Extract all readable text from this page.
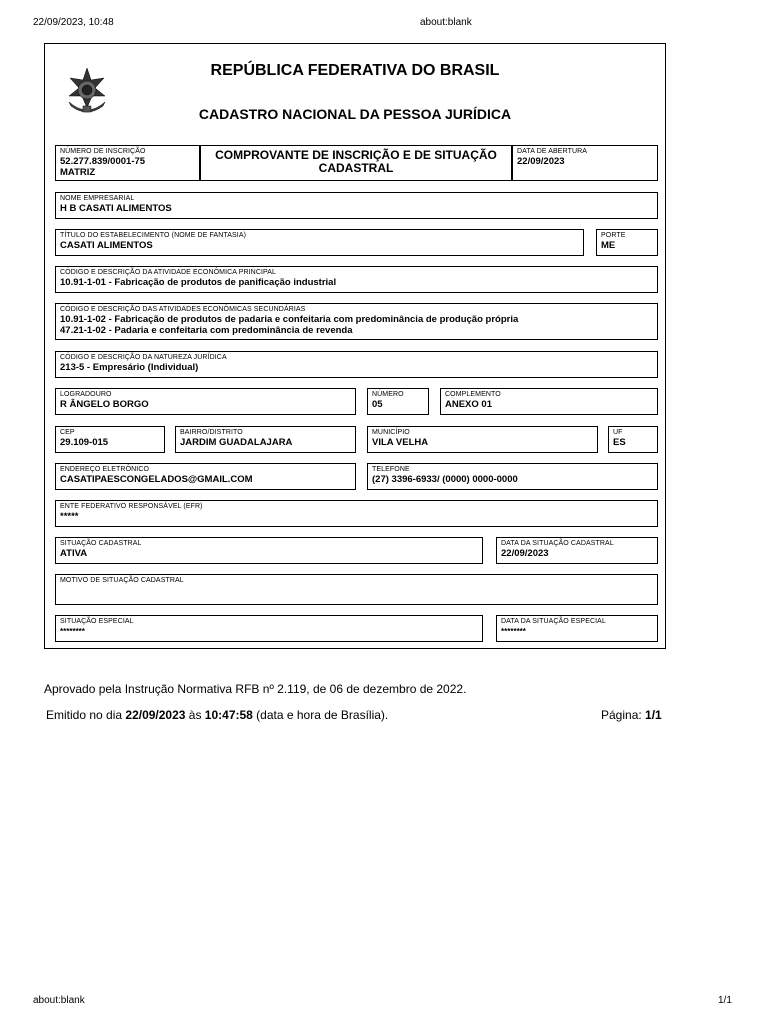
22/09/2023, 10:48	about:blank
about:blank	1/1
REPÚBLICA FEDERATIVA DO BRASIL
CADASTRO NACIONAL DA PESSOA JURÍDICA
NÚMERO DE INSCRIÇÃO
52.277.839/0001-75
MATRIZ
COMPROVANTE DE INSCRIÇÃO E DE SITUAÇÃO
CADASTRAL
DATA DE ABERTURA
22/09/2023
NOME EMPRESARIAL
H B CASATI ALIMENTOS
TÍTULO DO ESTABELECIMENTO (NOME DE FANTASIA)
CASATI ALIMENTOS
PORTE
ME
CÓDIGO E DESCRIÇÃO DA ATIVIDADE ECONÔMICA PRINCIPAL
10.91-1-01 - Fabricação de produtos de panificação industrial
CÓDIGO E DESCRIÇÃO DAS ATIVIDADES ECONÔMICAS SECUNDÁRIAS
10.91-1-02 - Fabricação de produtos de padaria e confeitaria com predominância de produção própria
47.21-1-02 - Padaria e confeitaria com predominância de revenda
CÓDIGO E DESCRIÇÃO DA NATUREZA JURÍDICA
213-5 - Empresário (Individual)
LOGRADOURO
R ÂNGELO BORGO
NÚMERO
05
COMPLEMENTO
ANEXO 01
CEP
29.109-015
BAIRRO/DISTRITO
JARDIM GUADALAJARA
MUNICÍPIO
VILA VELHA
UF
ES
ENDEREÇO ELETRÔNICO
CASATIPAESCONGELADOS@GMAIL.COM
TELEFONE
(27) 3396-6933/ (0000) 0000-0000
ENTE FEDERATIVO RESPONSÁVEL (EFR)
*****
SITUAÇÃO CADASTRAL
ATIVA
DATA DA SITUAÇÃO CADASTRAL
22/09/2023
MOTIVO DE SITUAÇÃO CADASTRAL
SITUAÇÃO ESPECIAL
********
DATA DA SITUAÇÃO ESPECIAL
********
Aprovado pela Instrução Normativa RFB nº 2.119, de 06 de dezembro de 2022.
Emitido no dia 22/09/2023 às 10:47:58 (data e hora de Brasília).	Página: 1/1
